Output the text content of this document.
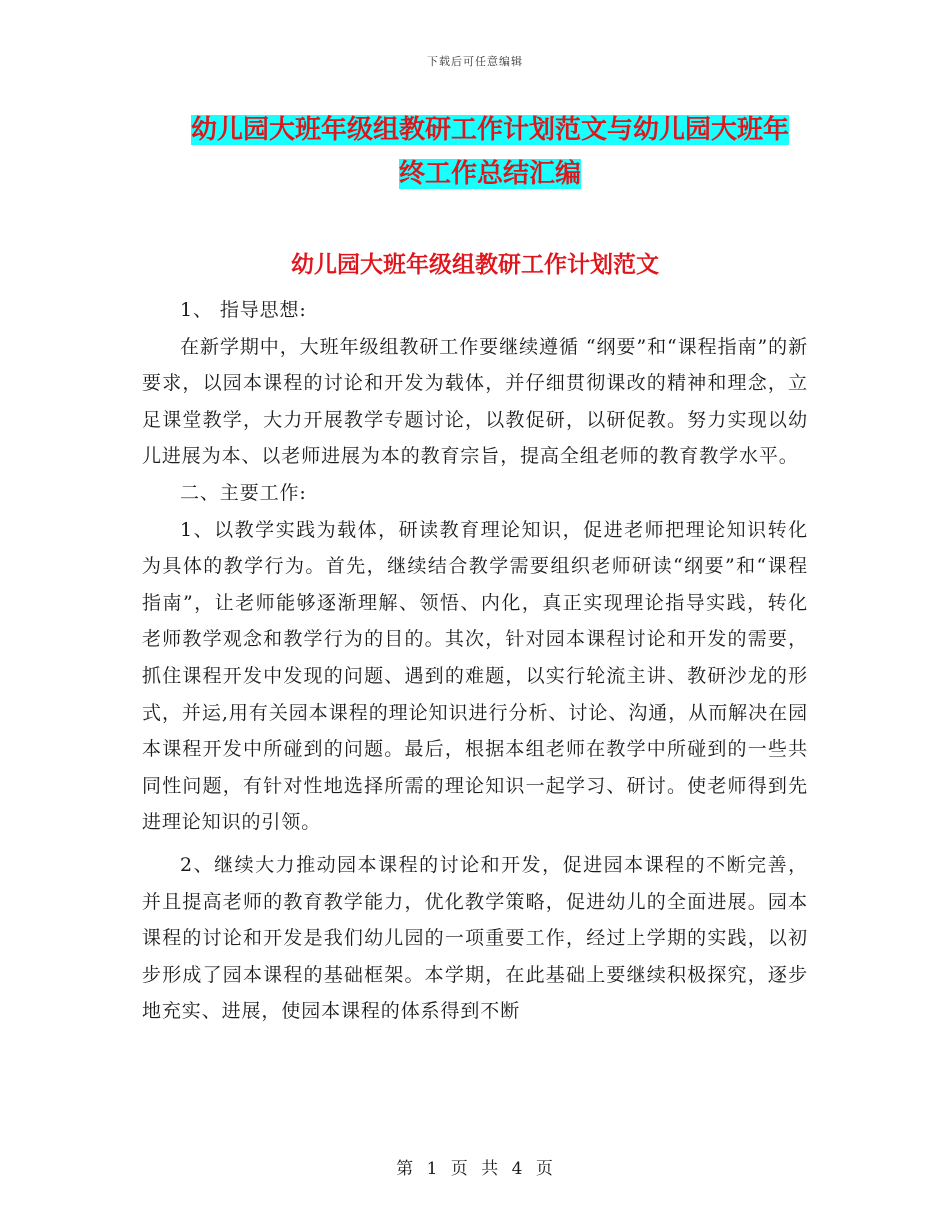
下载后可任意编辑
幼儿园大班年级组教研工作计划范文与幼儿园大班年
终工作总结汇编
幼儿园大班年级组教研工作计划范文

1、 指导思想:

在新学期中，大班年级组教研工作要继续遵循 “纲要”和“课程指南”的新要求，以园本课程的讨论和开发为载体，并仔细贯彻课改的精神和理念，立足课堂教学，大力开展教学专题讨论，以教促研，以研促教。努力实现以幼儿进展为本、以老师进展为本的教育宗旨，提高全组老师的教育教学水平。

二、主要工作:

1、以教学实践为载体，研读教育理论知识，促进老师把理论知识转化为具体的教学行为。首先，继续结合教学需要组织老师研读“纲要”和“课程指南”，让老师能够逐渐理解、领悟、内化，真正实现理论指导实践，转化老师教学观念和教学行为的目的。其次，针对园本课程讨论和开发的需要，抓住课程开发中发现的问题、遇到的难题，以实行轮流主讲、教研沙龙的形式，并运,用有关园本课程的理论知识进行分析、讨论、沟通，从而解决在园本课程开发中所碰到的问题。最后，根据本组老师在教学中所碰到的一些共同性问题，有针对性地选择所需的理论知识一起学习、研讨。使老师得到先进理论知识的引领。

2、继续大力推动园本课程的讨论和开发，促进园本课程的不断完善，并且提高老师的教育教学能力，优化教学策略，促进幼儿的全面进展。园本课程的讨论和开发是我们幼儿园的一项重要工作，经过上学期的实践，以初步形成了园本课程的基础框架。本学期，在此基础上要继续积极探究，逐步地充实、进展，使园本课程的体系得到不断

第 1 页 共 4 页
